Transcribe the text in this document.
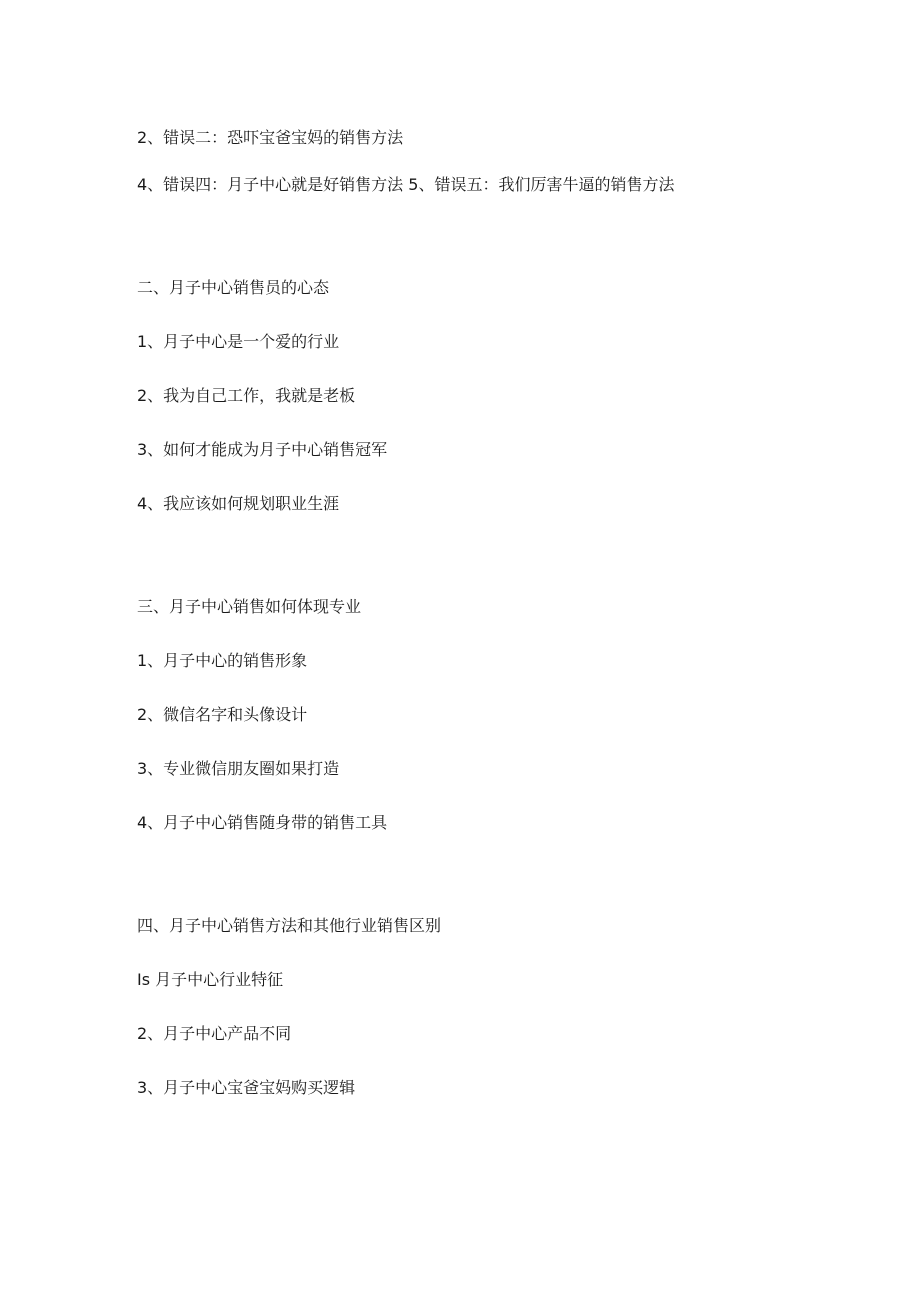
2、错误二：恐吓宝爸宝妈的销售方法
4、错误四：月子中心就是好销售方法 5、错误五：我们厉害牛逼的销售方法
二、月子中心销售员的心态
1、月子中心是一个爱的行业
2、我为自己工作，我就是老板
3、如何才能成为月子中心销售冠军
4、我应该如何规划职业生涯
三、月子中心销售如何体现专业
1、月子中心的销售形象
2、微信名字和头像设计
3、专业微信朋友圈如果打造
4、月子中心销售随身带的销售工具
四、月子中心销售方法和其他行业销售区别
Is 月子中心行业特征
2、月子中心产品不同
3、月子中心宝爸宝妈购买逻辑
